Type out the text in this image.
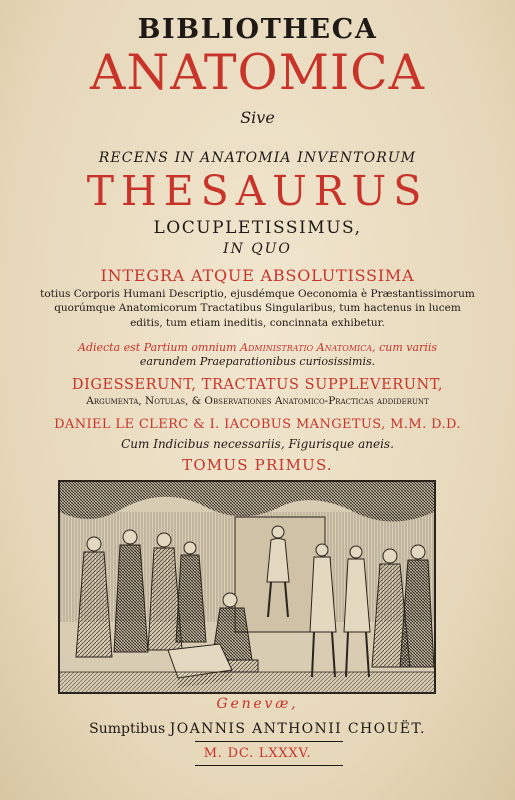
BIBLIOTHECA
ANATOMICA
Sive
RECENS IN ANATOMIA INVENTORUM
THESAURUS
LOCUPLETISSIMUS,
IN QUO
INTEGRA ATQUE ABSOLUTISSIMA
totius Corporis Humani Descriptio, ejusdémque Oeconomia è Præstantissimorum
quorúmque Anatomicorum Tractatibus Singularibus, tum hactenus in lucem
editis, tum etiam ineditis, concinnata exhibetur.
Adiecta est Partium omnium Administratio Anatomica, cum variis
earundem Praeparationibus curiosissimis.
DIGESSERUNT, TRACTATUS SUPPLEVERUNT,
Argumenta, Notulas, & Observationes Anatomico-Practicas addiderunt
DANIEL LE CLERC & I. IACOBUS MANGETUS, M.M. D.D.
Cum Indicibus necessariis, Figurisque aneis.
TOMUS PRIMUS.
Genevæ,
Sumptibus JOANNIS ANTHONII CHOUËT.
M. DC. LXXXV.
